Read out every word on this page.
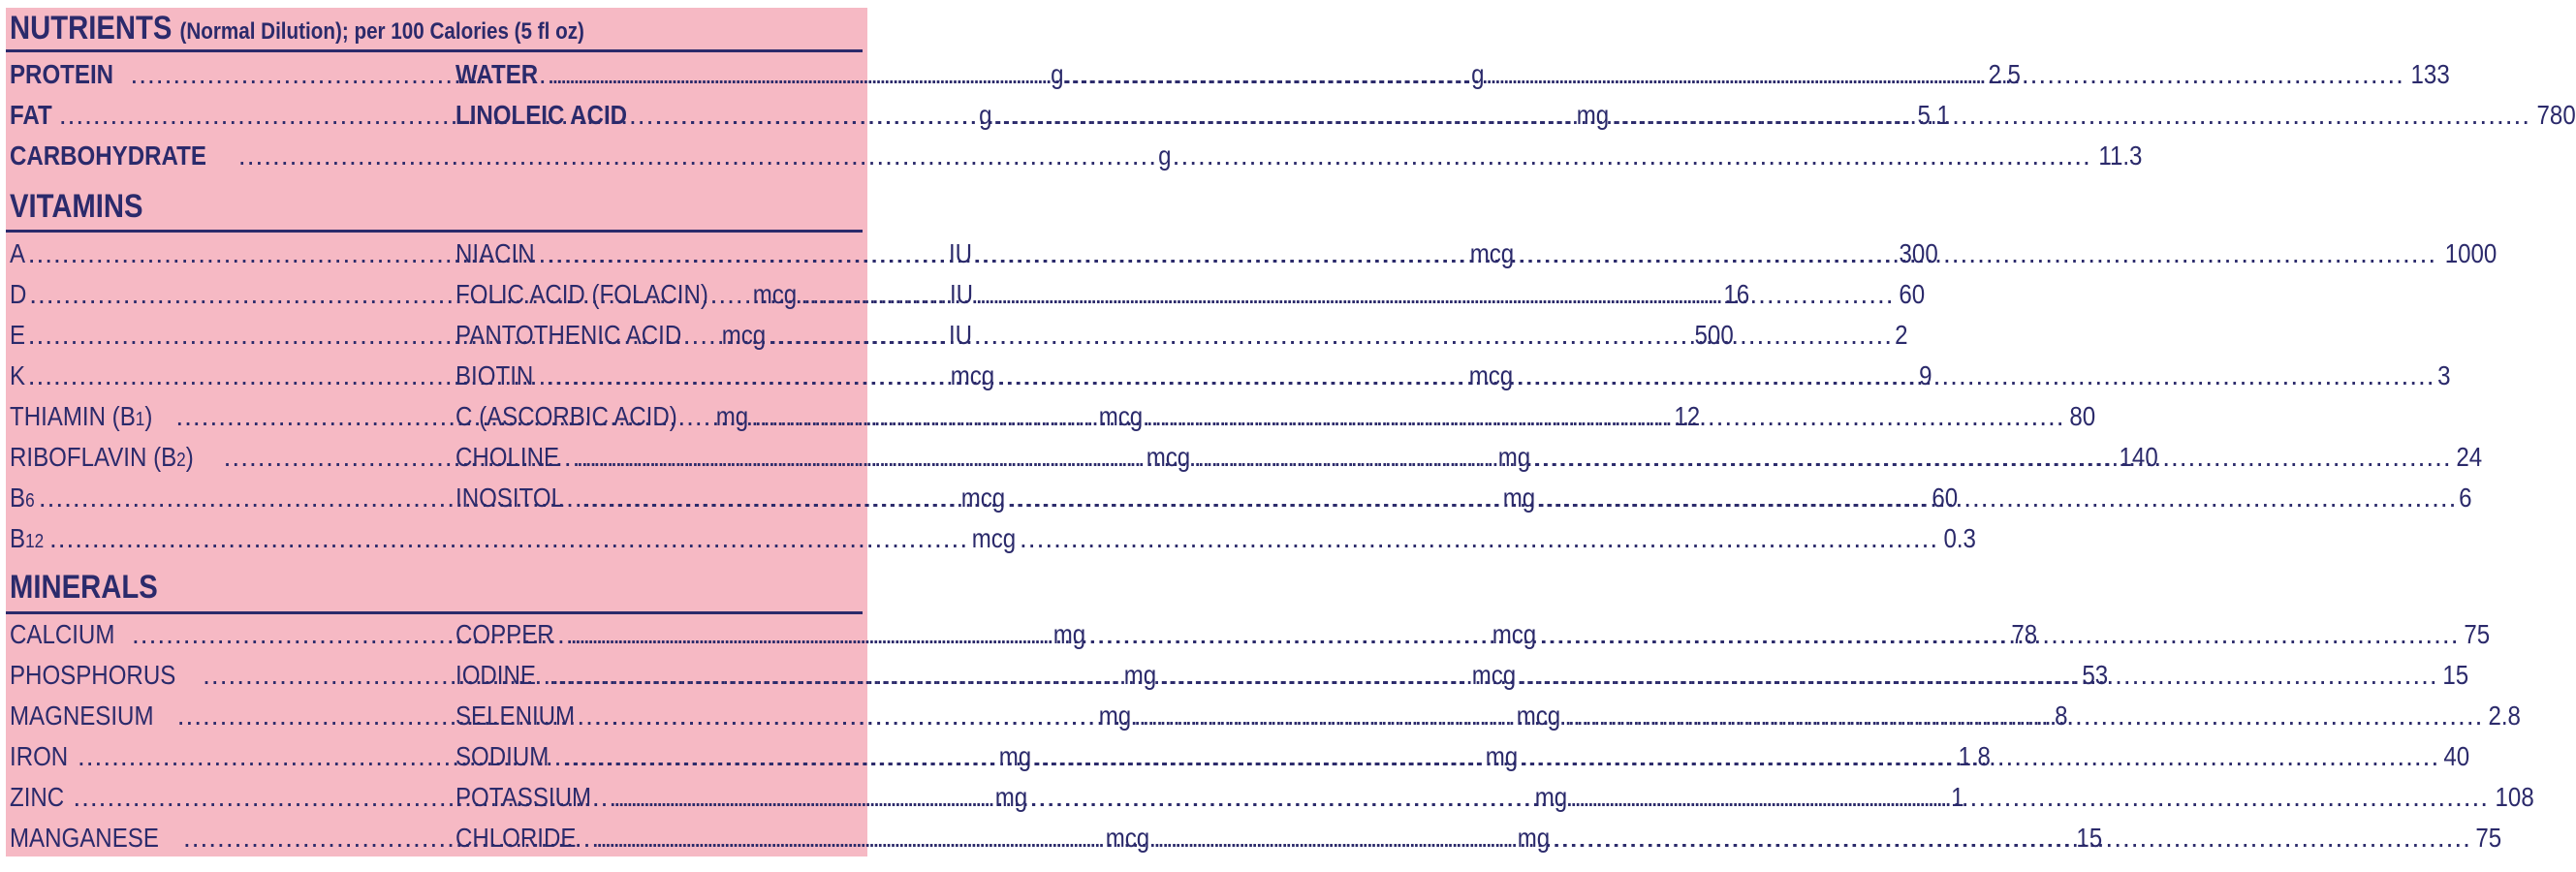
NUTRIENTS (Normal Dilution); per 100 Calories (5 fl oz)
PROTEIN .....	g .....	2.5
FAT .....	g .....	5.1
CARBOHYDRATE .....	g .....	11.3
WATER .....	g .....	133
LINOLEIC ACID .....	mg .....	780
VITAMINS
A .....	IU .....	300
D .....	IU .....	60
E .....	IU .....	2
K .....	mcg .....	9
THIAMIN (B1) .....	mcg .....	80
RIBOFLAVIN (B2) .....	mcg .....	140
B6 .....	mcg .....	60
B12 .....	mcg .....	0.3
NIACIN .....	mcg .....	1000
FOLIC ACID (FOLACIN) mcg .....	16
PANTOTHENIC ACID mcg .....	500
BIOTIN .....	mcg .....	3
C (ASCORBIC ACID) mg .....	12
CHOLINE .....	mg .....	24
INOSITOL .....	mg .....	6
MINERALS
CALCIUM .....	mg .....	78
PHOSPHORUS .....	mg .....	53
MAGNESIUM .....	mg .....	8
IRON .....	mg .....	1.8
ZINC .....	mg .....	1
MANGANESE .....	mcg .....	15
COPPER .....	mcg .....	75
IODINE .....	mcg .....	15
SELENIUM .....	mcg .....	2.8
SODIUM .....	mg .....	40
POTASSIUM .....	mg .....	108
CHLORIDE .....	mg .....	75
